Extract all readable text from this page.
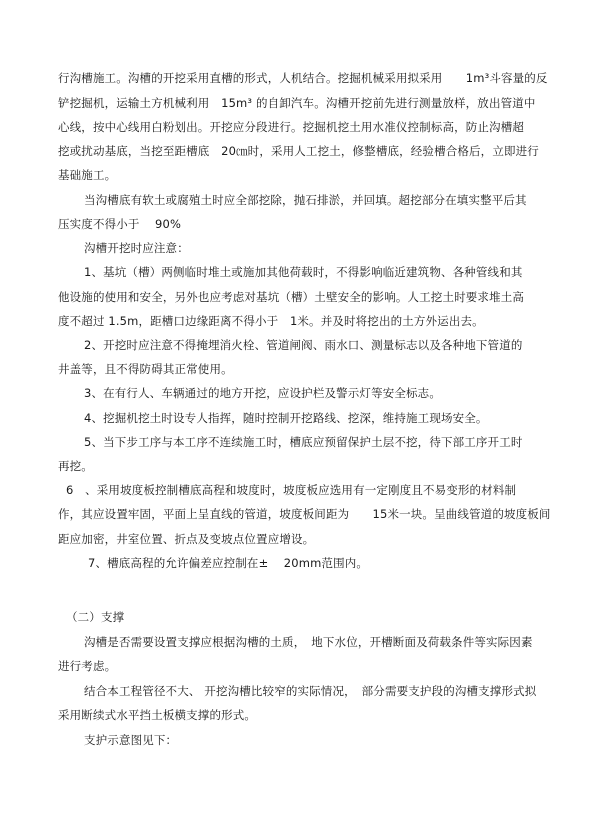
行沟槽施工。沟槽的开挖采用直槽的形式，人机结合。挖掘机械采用拟采用　　1m³斗容量的反
铲挖掘机，运输土方机械利用　15m³ 的自卸汽车。沟槽开挖前先进行测量放样，放出管道中
心线，按中心线用白粉划出。开挖应分段进行。挖掘机挖土用水准仪控制标高，防止沟槽超
挖或扰动基底，当挖至距槽底　20㎝时，采用人工挖土，修整槽底，经验槽合格后，立即进行
基础施工。
当沟槽底有软土或腐殖土时应全部挖除，抛石排淤，并回填。超挖部分在填实整平后其
压实度不得小于　 90%
沟槽开挖时应注意：
1、基坑（槽）两侧临时堆土或施加其他荷载时，不得影响临近建筑物、各种管线和其
他设施的使用和安全，另外也应考虑对基坑（槽）土壁安全的影响。人工挖土时要求堆土高
度不超过 1.5m，距槽口边缘距离不得小于　1米。并及时将挖出的土方外运出去。
2、开挖时应注意不得掩埋消火栓、管道闸阀、雨水口、测量标志以及各种地下管道的
井盖等，且不得防碍其正常使用。
3、在有行人、车辆通过的地方开挖，应设护栏及警示灯等安全标志。
4、挖掘机挖土时设专人指挥，随时控制开挖路线、挖深，维持施工现场安全。
5、当下步工序与本工序不连续施工时，槽底应预留保护土层不挖，待下部工序开工时
再挖。
6　、采用坡度板控制槽底高程和坡度时，坡度板应选用有一定刚度且不易变形的材料制
作，其应设置牢固，平面上呈直线的管道，坡度板间距为　　15米一块。呈曲线管道的坡度板间
距应加密，井室位置、折点及变坡点位置应增设。
7、槽底高程的允许偏差应控制在±　 20mm范围内。
（二）支撑
沟槽是否需要设置支撑应根据沟槽的土质，　地下水位，开槽断面及荷载条件等实际因素
进行考虑。
结合本工程管径不大、 开挖沟槽比较窄的实际情况，　部分需要支护段的沟槽支撑形式拟
采用断续式水平挡土板横支撑的形式。
支护示意图见下：
